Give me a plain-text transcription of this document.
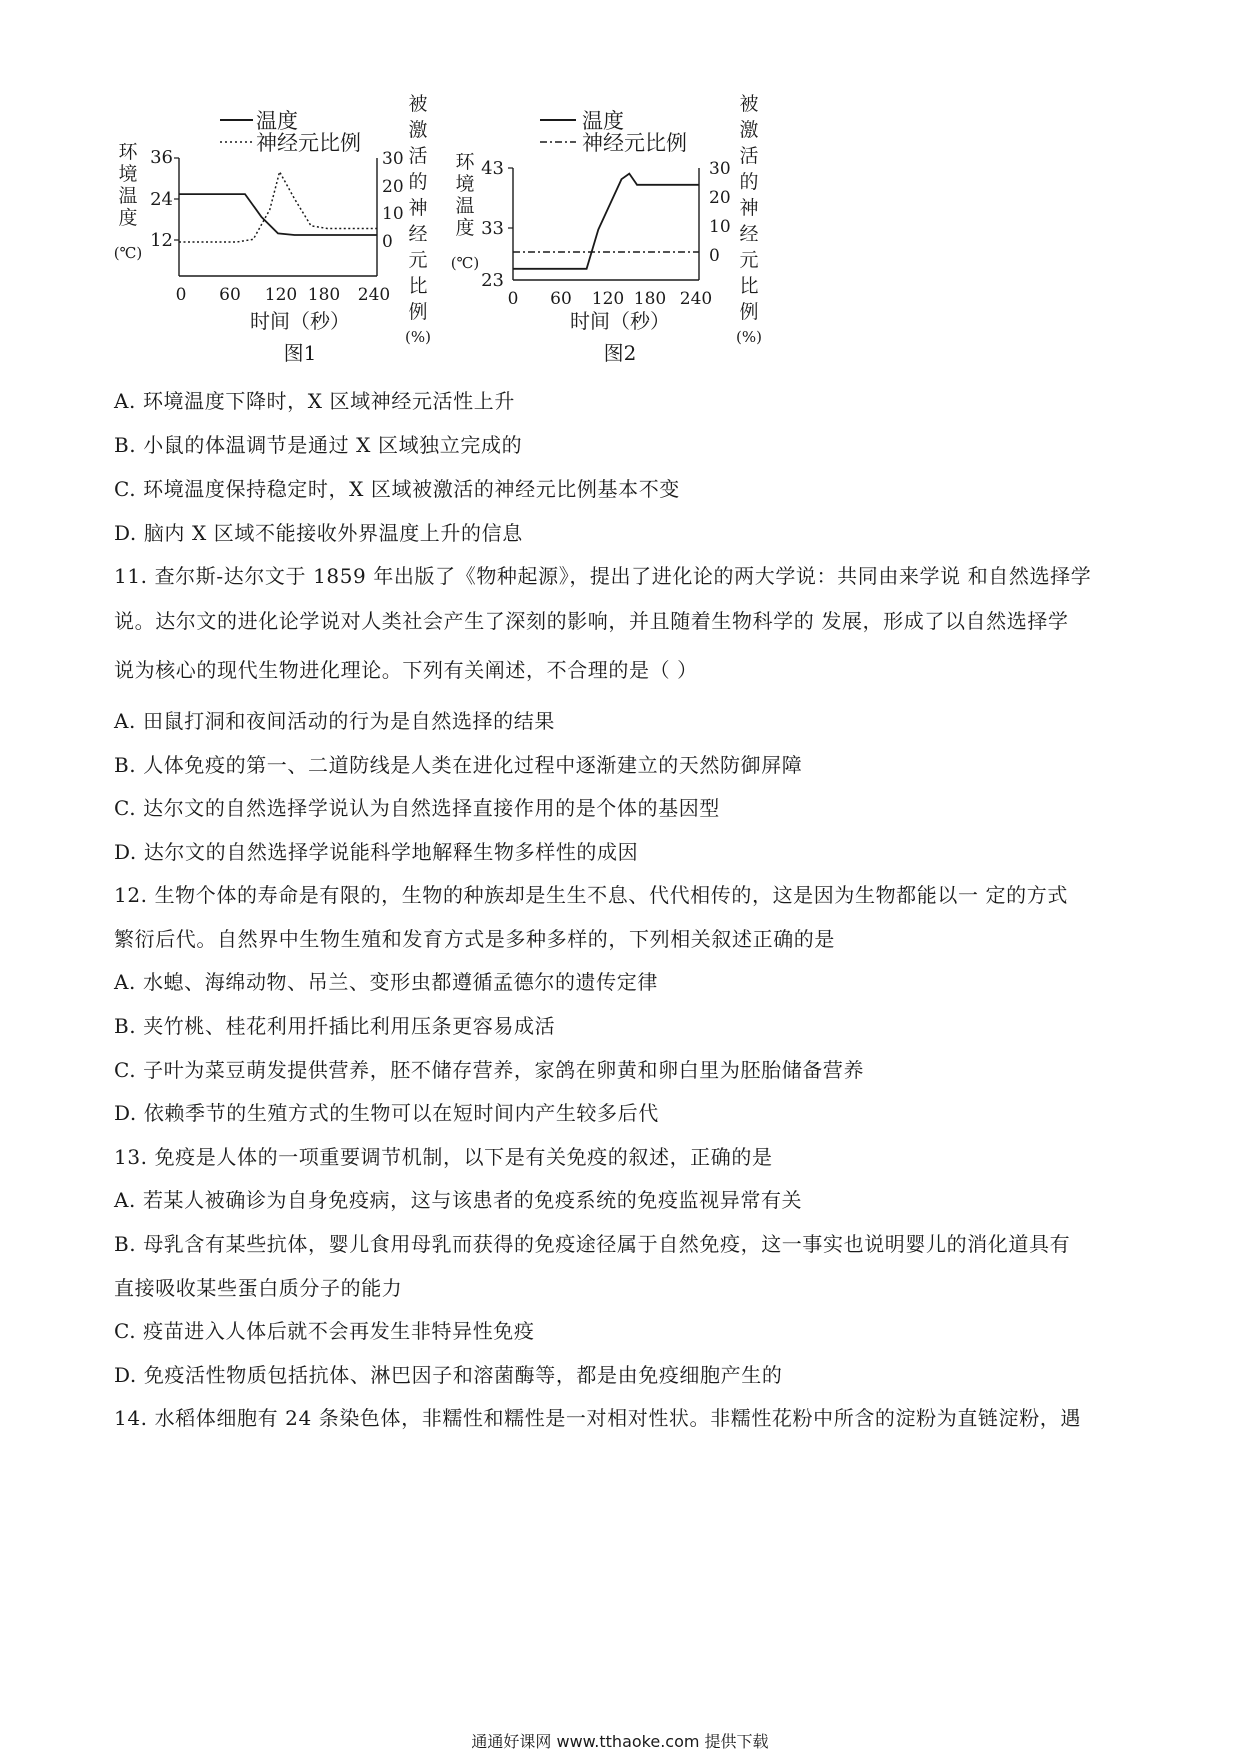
温度
神经元比例
环境温度(℃)
36
24
12
30
20
10
0
被激活的神经元比例(%)
0 60 120 180 240
时间（秒）
图1
温度
神经元比例
环境温度(℃)
43
33
23
30
20
10
0
被激活的神经元比例(%)
0 60 120 180 240
时间（秒）
图2
A. 环境温度下降时，X 区域神经元活性上升
B. 小鼠的体温调节是通过 X 区域独立完成的
C. 环境温度保持稳定时，X 区域被激活的神经元比例基本不变
D. 脑内 X 区域不能接收外界温度上升的信息
11. 查尔斯-达尔文于 1859 年出版了《物种起源》，提出了进化论的两大学说：共同由来学说 和自然选择学
说。达尔文的进化论学说对人类社会产生了深刻的影响，并且随着生物科学的 发展，形成了以自然选择学
说为核心的现代生物进化理论。下列有关阐述，不合理的是（ ）
A. 田鼠打洞和夜间活动的行为是自然选择的结果
B. 人体免疫的第一、二道防线是人类在进化过程中逐渐建立的天然防御屏障
C. 达尔文的自然选择学说认为自然选择直接作用的是个体的基因型
D. 达尔文的自然选择学说能科学地解释生物多样性的成因
12. 生物个体的寿命是有限的，生物的种族却是生生不息、代代相传的，这是因为生物都能以一 定的方式
繁衍后代。自然界中生物生殖和发育方式是多种多样的，下列相关叙述正确的是
A. 水螅、海绵动物、吊兰、变形虫都遵循孟德尔的遗传定律
B. 夹竹桃、桂花利用扦插比利用压条更容易成活
C. 子叶为菜豆萌发提供营养，胚不储存营养，家鸽在卵黄和卵白里为胚胎储备营养
D. 依赖季节的生殖方式的生物可以在短时间内产生较多后代
13. 免疫是人体的一项重要调节机制，以下是有关免疫的叙述，正确的是
A. 若某人被确诊为自身免疫病，这与该患者的免疫系统的免疫监视异常有关
B. 母乳含有某些抗体，婴儿食用母乳而获得的免疫途径属于自然免疫，这一事实也说明婴儿的消化道具有
直接吸收某些蛋白质分子的能力
C. 疫苗进入人体后就不会再发生非特异性免疫
D. 免疫活性物质包括抗体、淋巴因子和溶菌酶等，都是由免疫细胞产生的
14. 水稻体细胞有 24 条染色体，非糯性和糯性是一对相对性状。非糯性花粉中所含的淀粉为直链淀粉，遇
通通好课网 www.tthaoke.com 提供下载
